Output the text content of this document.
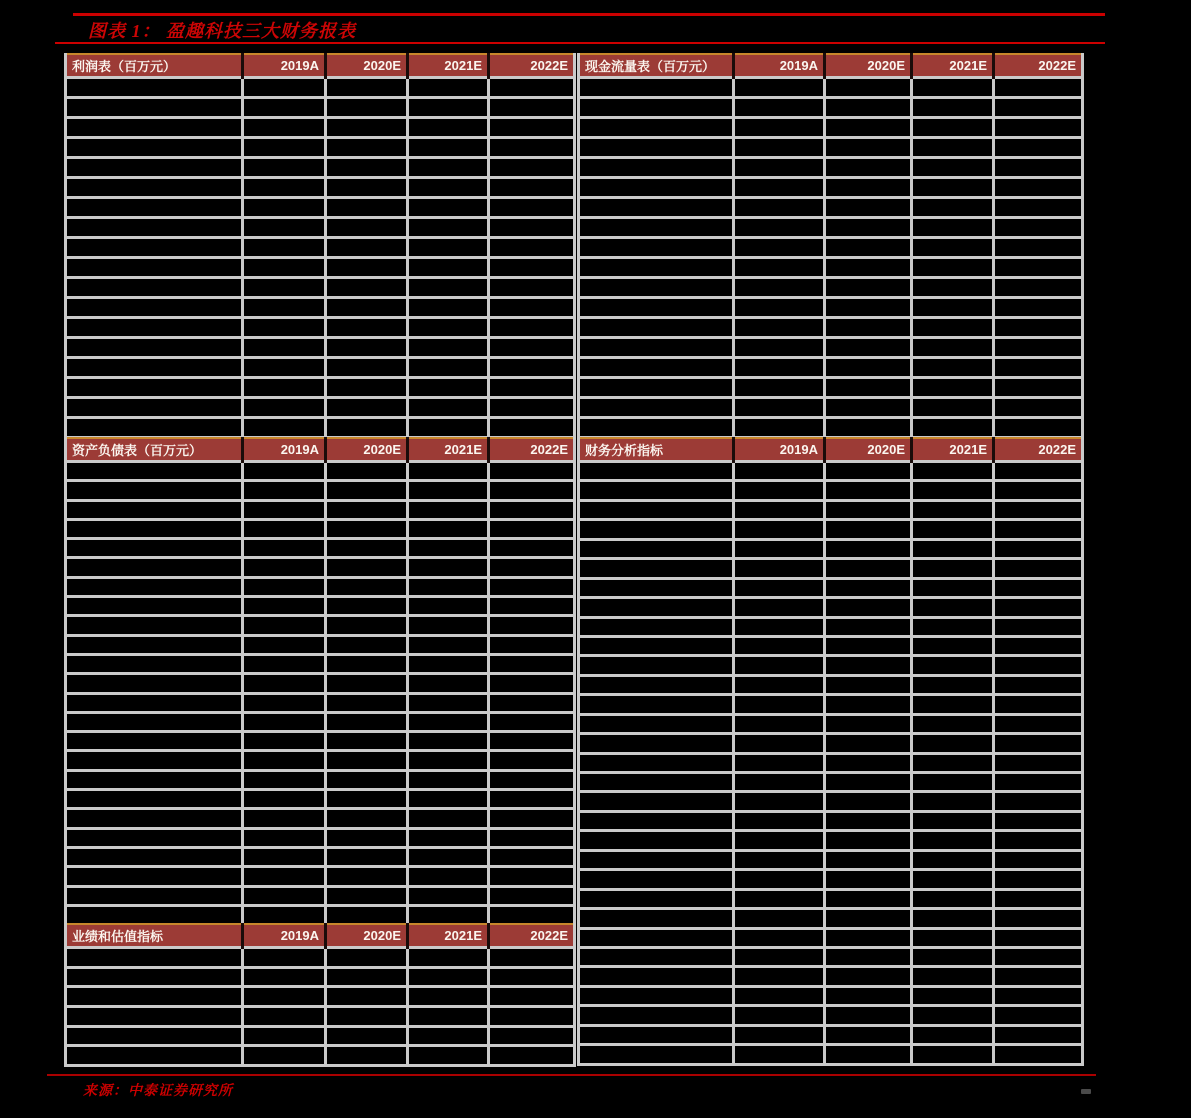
图表 1： 盈趣科技三大财务报表
利润表（百万元）	2019A	2020E	2021E	2022E

				现金流量表（百万元）	2019A	2020E	2021E	2022E

资产负债表（百万元）	2019A	2020E	2021E	2022E

				财务分析指标	2019A	2020E	2021E	2022E

业绩和估值指标	2019A	2020E	2021E	2022E

来源：中泰证券研究所
